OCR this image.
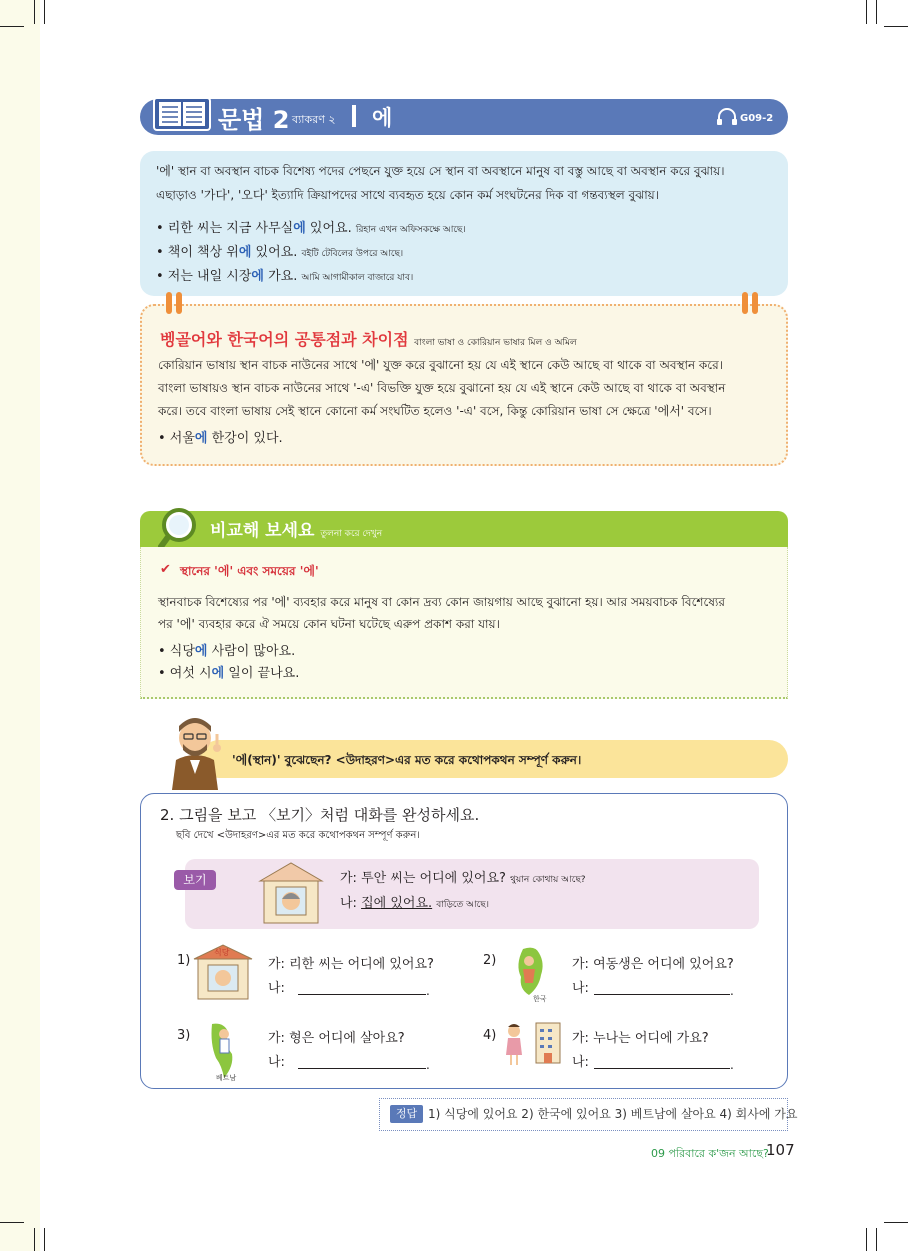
문법 2 ব্যাকরণ ২ 에	G09-2
'에' স্থান বা অবস্থান বাচক বিশেষ্য পদের পেছনে যুক্ত হয়ে সে স্থান বা অবস্থানে মানুষ বা বস্তু আছে বা অবস্থান করে বুঝায়।
এছাড়াও '가다', '오다' ইত্যাদি ক্রিয়াপদের সাথে ব্যবহৃত হয়ে কোন কর্ম সংঘটনের দিক বা গন্তব্যস্থল বুঝায়।
• 리한 씨는 지금 사무실에 있어요. রিহান এখন অফিসকক্ষে আছে।
• 책이 책상 위에 있어요. বইটি টেবিলের উপরে আছে।
• 저는 내일 시장에 가요. আমি আগামীকাল বাজারে যাব।
벵골어와 한국어의 공통점과 차이점 বাংলা ভাষা ও কোরিয়ান ভাষার মিল ও অমিল
কোরিয়ান ভাষায় স্থান বাচক নাউনের সাথে '에' যুক্ত করে বুঝানো হয় যে এই স্থানে কেউ আছে বা থাকে বা অবস্থান করে।
বাংলা ভাষায়ও স্থান বাচক নাউনের সাথে '-এ' বিভক্তি যুক্ত হয়ে বুঝানো হয় যে এই স্থানে কেউ আছে বা থাকে বা অবস্থান
করে। তবে বাংলা ভাষায় সেই স্থানে কোনো কর্ম সংঘটিত হলেও '-এ' বসে, কিন্তু কোরিয়ান ভাষা সে ক্ষেত্রে '에서' বসে।
• 서울에 한강이 있다.
비교해 보세요 তুলনা করে দেখুন
✔ স্থানের '에' এবং সময়ের '에'
স্থানবাচক বিশেষ্যের পর '에' ব্যবহার করে মানুষ বা কোন দ্রব্য কোন জায়গায় আছে বুঝানো হয়। আর সময়বাচক বিশেষ্যের
পর '에' ব্যবহার করে ঐ সময়ে কোন ঘটনা ঘটেছে এরুপ প্রকাশ করা যায়।
• 식당에 사람이 많아요.
• 여섯 시에 일이 끝나요.
'에(স্থান)' বুঝেছেন? <উদাহরণ>এর মত করে কথোপকথন সম্পূর্ণ করুন।
2. 그림을 보고 〈보기〉처럼 대화를 완성하세요.
ছবি দেখে <উদাহরণ>এর মত করে কথোপকথন সম্পূর্ণ করুন।
보기	가: 투안 씨는 어디에 있어요? থুয়ান কোথায় আছে?
나: 집에 있어요. বাড়িতে আছে।
1)
식당
가: 리한 씨는 어디에 있어요?
나:	.
2)
한국
가: 여동생은 어디에 있어요?
나:	.
3)
베트남
가: 형은 어디에 살아요?
나:	.
4)	가: 누나는 어디에 가요?
나:	.
정답 1) 식당에 있어요 2) 한국에 있어요 3) 베트남에 살아요 4) 회사에 가요
09 পরিবারে ক'জন আছে?
107
